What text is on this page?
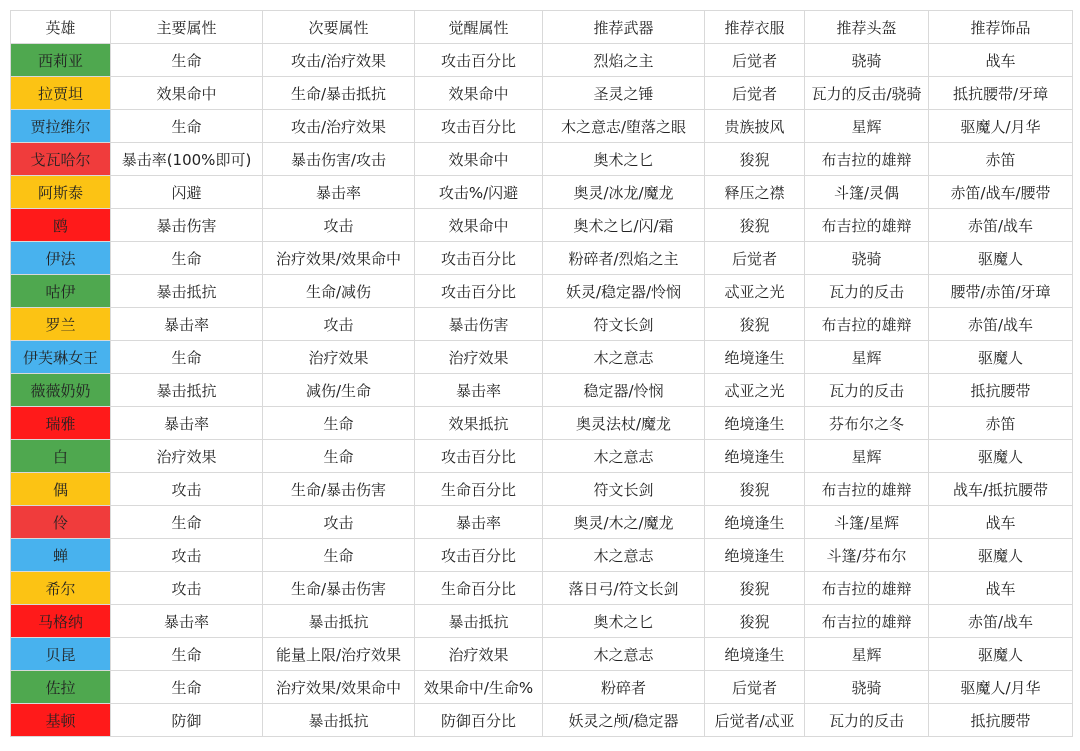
英雄	主要属性	次要属性	觉醒属性	推荐武器	推荐衣服	推荐头盔	推荐饰品
西莉亚	生命	攻击/治疗效果	攻击百分比	烈焰之主	后觉者	骁骑	战车
拉贾坦	效果命中	生命/暴击抵抗	效果命中	圣灵之锤	后觉者	瓦力的反击/骁骑	抵抗腰带/牙璋
贾拉维尔	生命	攻击/治疗效果	攻击百分比	木之意志/堕落之眼	贵族披风	星辉	驱魔人/月华
戈瓦哈尔	暴击率(100%即可)	暴击伤害/攻击	效果命中	奥术之匕	狻猊	布吉拉的雄辩	赤笛
阿斯泰	闪避	暴击率	攻击%/闪避	奥灵/冰龙/魔龙	释压之襟	斗篷/灵偶	赤笛/战车/腰带
鸥	暴击伤害	攻击	效果命中	奥术之匕/闪/霜	狻猊	布吉拉的雄辩	赤笛/战车
伊法	生命	治疗效果/效果命中	攻击百分比	粉碎者/烈焰之主	后觉者	骁骑	驱魔人
咕伊	暴击抵抗	生命/减伤	攻击百分比	妖灵/稳定器/怜悯	忒亚之光	瓦力的反击	腰带/赤笛/牙璋
罗兰	暴击率	攻击	暴击伤害	符文长剑	狻猊	布吉拉的雄辩	赤笛/战车
伊芙琳女王	生命	治疗效果	治疗效果	木之意志	绝境逢生	星辉	驱魔人
薇薇奶奶	暴击抵抗	减伤/生命	暴击率	稳定器/怜悯	忒亚之光	瓦力的反击	抵抗腰带
瑞雅	暴击率	生命	效果抵抗	奥灵法杖/魔龙	绝境逢生	芬布尔之冬	赤笛
白	治疗效果	生命	攻击百分比	木之意志	绝境逢生	星辉	驱魔人
偶	攻击	生命/暴击伤害	生命百分比	符文长剑	狻猊	布吉拉的雄辩	战车/抵抗腰带
伶	生命	攻击	暴击率	奥灵/木之/魔龙	绝境逢生	斗篷/星辉	战车
蝉	攻击	生命	攻击百分比	木之意志	绝境逢生	斗篷/芬布尔	驱魔人
希尔	攻击	生命/暴击伤害	生命百分比	落日弓/符文长剑	狻猊	布吉拉的雄辩	战车
马格纳	暴击率	暴击抵抗	暴击抵抗	奥术之匕	狻猊	布吉拉的雄辩	赤笛/战车
贝昆	生命	能量上限/治疗效果	治疗效果	木之意志	绝境逢生	星辉	驱魔人
佐拉	生命	治疗效果/效果命中	效果命中/生命%	粉碎者	后觉者	骁骑	驱魔人/月华
基顿	防御	暴击抵抗	防御百分比	妖灵之颅/稳定器	后觉者/忒亚	瓦力的反击	抵抗腰带
